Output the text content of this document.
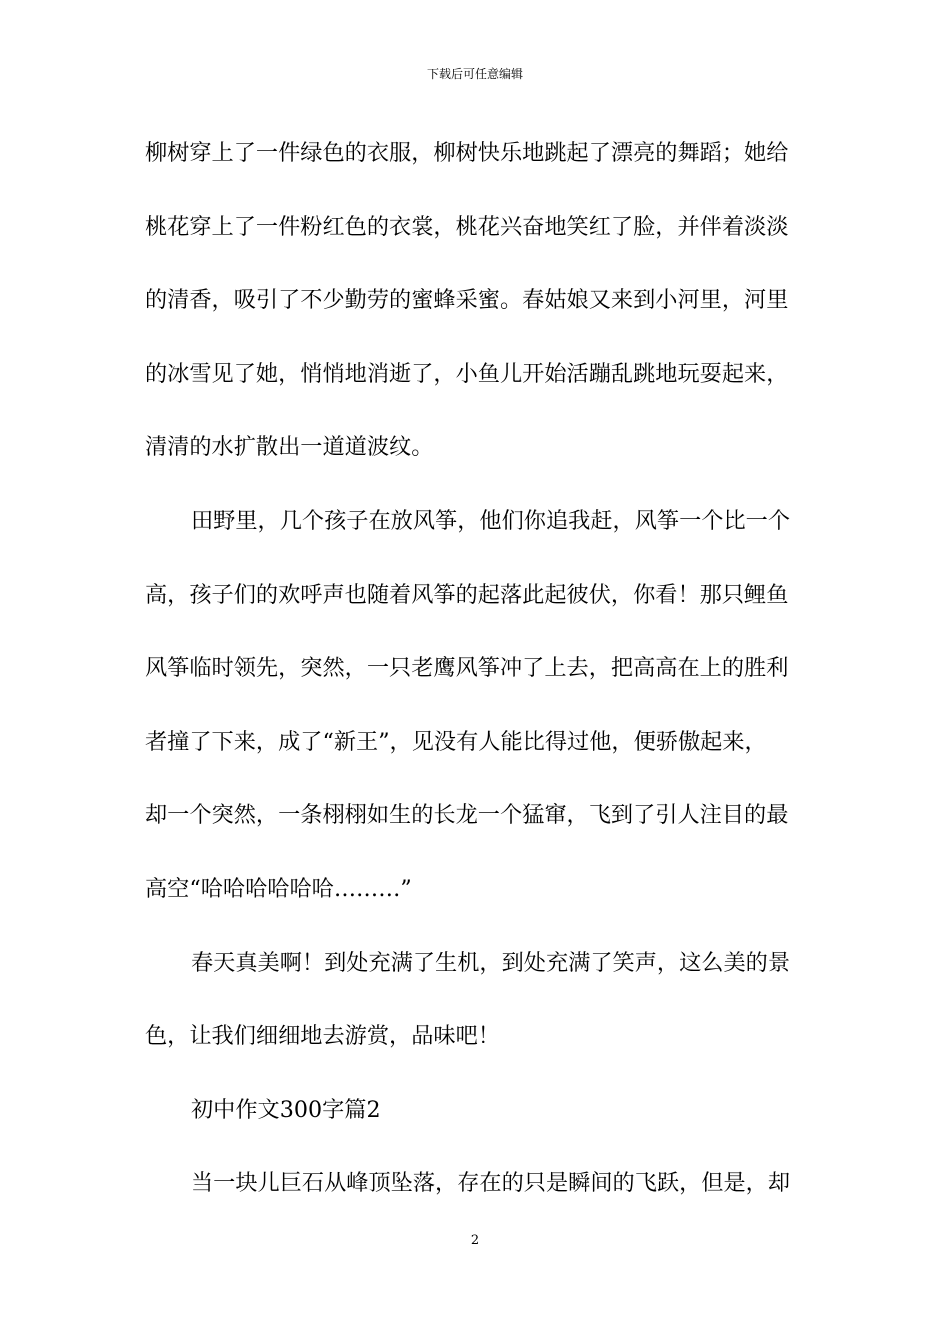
下载后可任意编辑
柳树穿上了一件绿色的衣服，柳树快乐地跳起了漂亮的舞蹈；她给
桃花穿上了一件粉红色的衣裳，桃花兴奋地笑红了脸，并伴着淡淡
的清香，吸引了不少勤劳的蜜蜂采蜜。春姑娘又来到小河里，河里
的冰雪见了她，悄悄地消逝了，小鱼儿开始活蹦乱跳地玩耍起来，
清清的水扩散出一道道波纹。
田野里，几个孩子在放风筝，他们你追我赶，风筝一个比一个
高，孩子们的欢呼声也随着风筝的起落此起彼伏，你看！那只鲤鱼
风筝临时领先，突然，一只老鹰风筝冲了上去，把高高在上的胜利
者撞了下来，成了“新王”，见没有人能比得过他，便骄傲起来，
却一个突然，一条栩栩如生的长龙一个猛窜，飞到了引人注目的最
高空“哈哈哈哈哈哈………”
春天真美啊！到处充满了生机，到处充满了笑声，这么美的景
色，让我们细细地去游赏，品味吧！
初中作文300字篇2
当一块儿巨石从峰顶坠落，存在的只是瞬间的飞跃，但是，却
2
